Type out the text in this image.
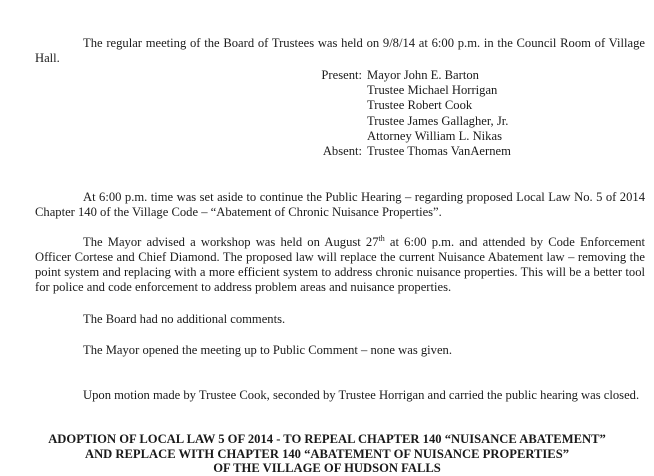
The regular meeting of the Board of Trustees was held on 9/8/14 at 6:00 p.m. in the Council Room of Village Hall.

Present: Mayor John E. Barton
Trustee Michael Horrigan
Trustee Robert Cook
Trustee James Gallagher, Jr.
Attorney William L. Nikas
Absent: Trustee Thomas VanAernem

At 6:00 p.m. time was set aside to continue the Public Hearing – regarding proposed Local Law No. 5 of 2014 Chapter 140 of the Village Code – “Abatement of Chronic Nuisance Properties”.

The Mayor advised a workshop was held on August 27th at 6:00 p.m. and attended by Code Enforcement Officer Cortese and Chief Diamond. The proposed law will replace the current Nuisance Abatement law – removing the point system and replacing with a more efficient system to address chronic nuisance properties. This will be a better tool for police and code enforcement to address problem areas and nuisance properties.

The Board had no additional comments.

The Mayor opened the meeting up to Public Comment – none was given.

Upon motion made by Trustee Cook, seconded by Trustee Horrigan and carried the public hearing was closed.

ADOPTION OF LOCAL LAW 5 OF 2014 - TO REPEAL CHAPTER 140 “NUISANCE ABATEMENT”
AND REPLACE WITH CHAPTER 140 “ABATEMENT OF NUISANCE PROPERTIES”
OF THE VILLAGE OF HUDSON FALLS
